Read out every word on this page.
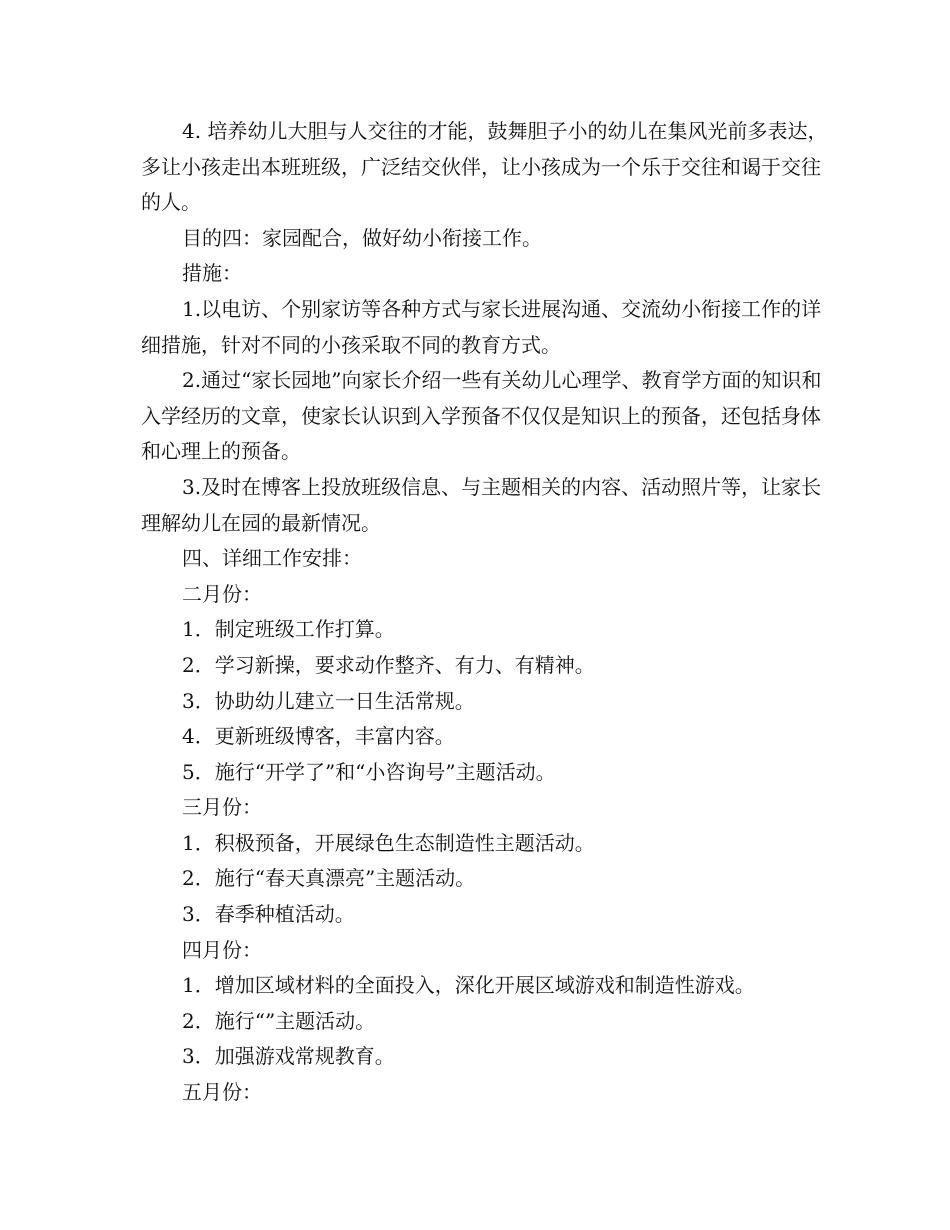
4. 培养幼儿大胆与人交往的才能，鼓舞胆子小的幼儿在集风光前多表达，多让小孩走出本班班级，广泛结交伙伴，让小孩成为一个乐于交往和谒于交往的人。

目的四：家园配合，做好幼小衔接工作。

措施：

1.以电访、个别家访等各种方式与家长进展沟通、交流幼小衔接工作的详细措施，针对不同的小孩采取不同的教育方式。

2.通过“家长园地”向家长介绍一些有关幼儿心理学、教育学方面的知识和入学经历的文章，使家长认识到入学预备不仅仅是知识上的预备，还包括身体和心理上的预备。

3.及时在博客上投放班级信息、与主题相关的内容、活动照片等，让家长理解幼儿在园的最新情况。

四、详细工作安排：

二月份：

1．制定班级工作打算。

2．学习新操，要求动作整齐、有力、有精神。

3．协助幼儿建立一日生活常规。

4．更新班级博客，丰富内容。

5．施行“开学了”和“小咨询号”主题活动。

三月份：

1．积极预备，开展绿色生态制造性主题活动。

2．施行“春天真漂亮”主题活动。

3．春季种植活动。

四月份：

1．增加区域材料的全面投入，深化开展区域游戏和制造性游戏。

2．施行“”主题活动。

3．加强游戏常规教育。

五月份：
